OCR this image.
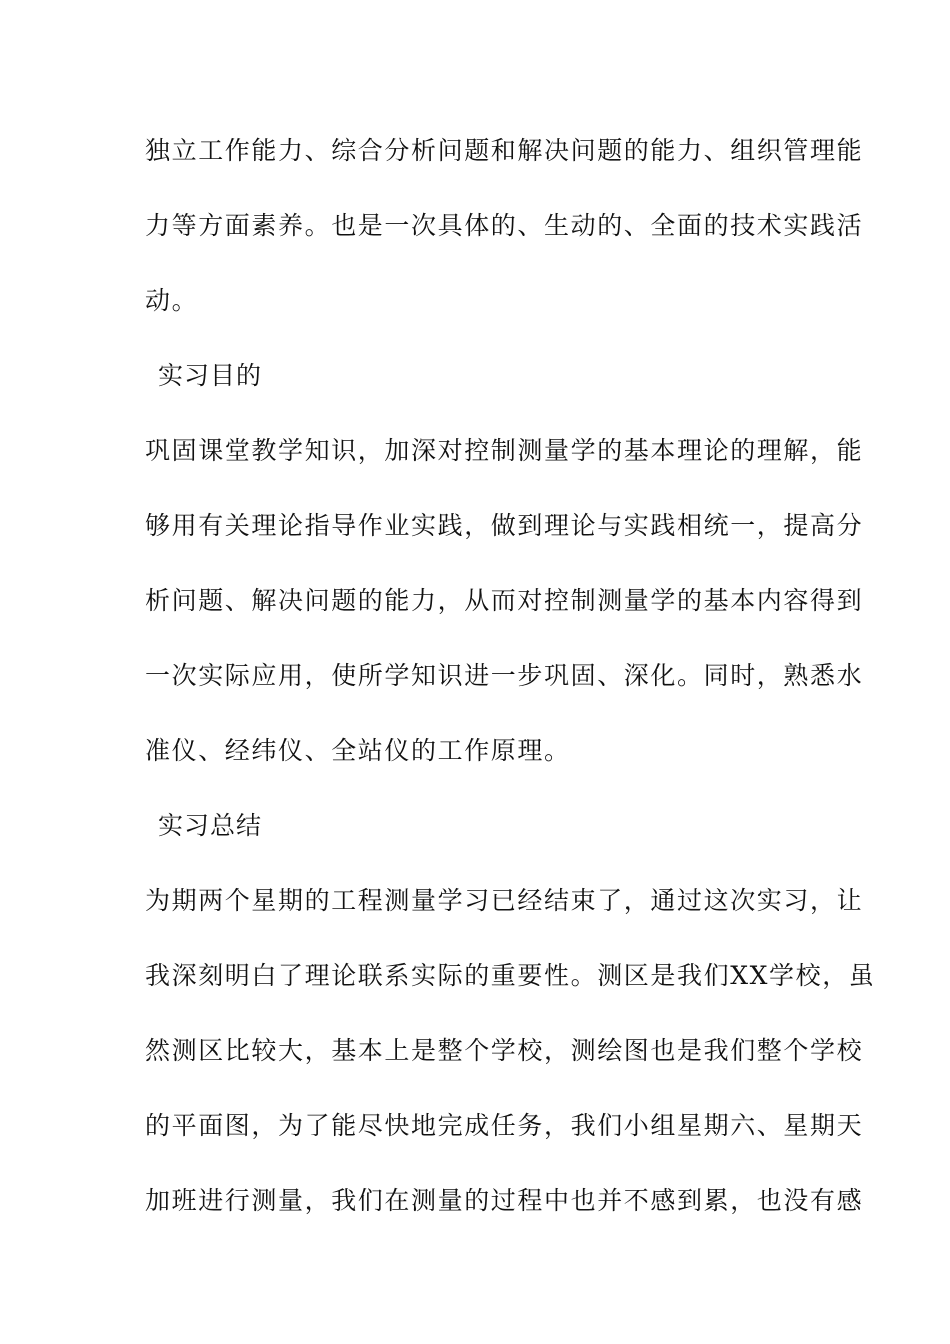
独立工作能力、综合分析问题和解决问题的能力、组织管理能
力等方面素养。也是一次具体的、生动的、全面的技术实践活
动。
实习目的
巩固课堂教学知识，加深对控制测量学的基本理论的理解，能
够用有关理论指导作业实践，做到理论与实践相统一，提高分
析问题、解决问题的能力，从而对控制测量学的基本内容得到
一次实际应用，使所学知识进一步巩固、深化。同时，熟悉水
准仪、经纬仪、全站仪的工作原理。
实习总结
为期两个星期的工程测量学习已经结束了，通过这次实习，让
我深刻明白了理论联系实际的重要性。测区是我们XX学校，虽
然测区比较大，基本上是整个学校，测绘图也是我们整个学校
的平面图，为了能尽快地完成任务，我们小组星期六、星期天
加班进行测量，我们在测量的过程中也并不感到累，也没有感
